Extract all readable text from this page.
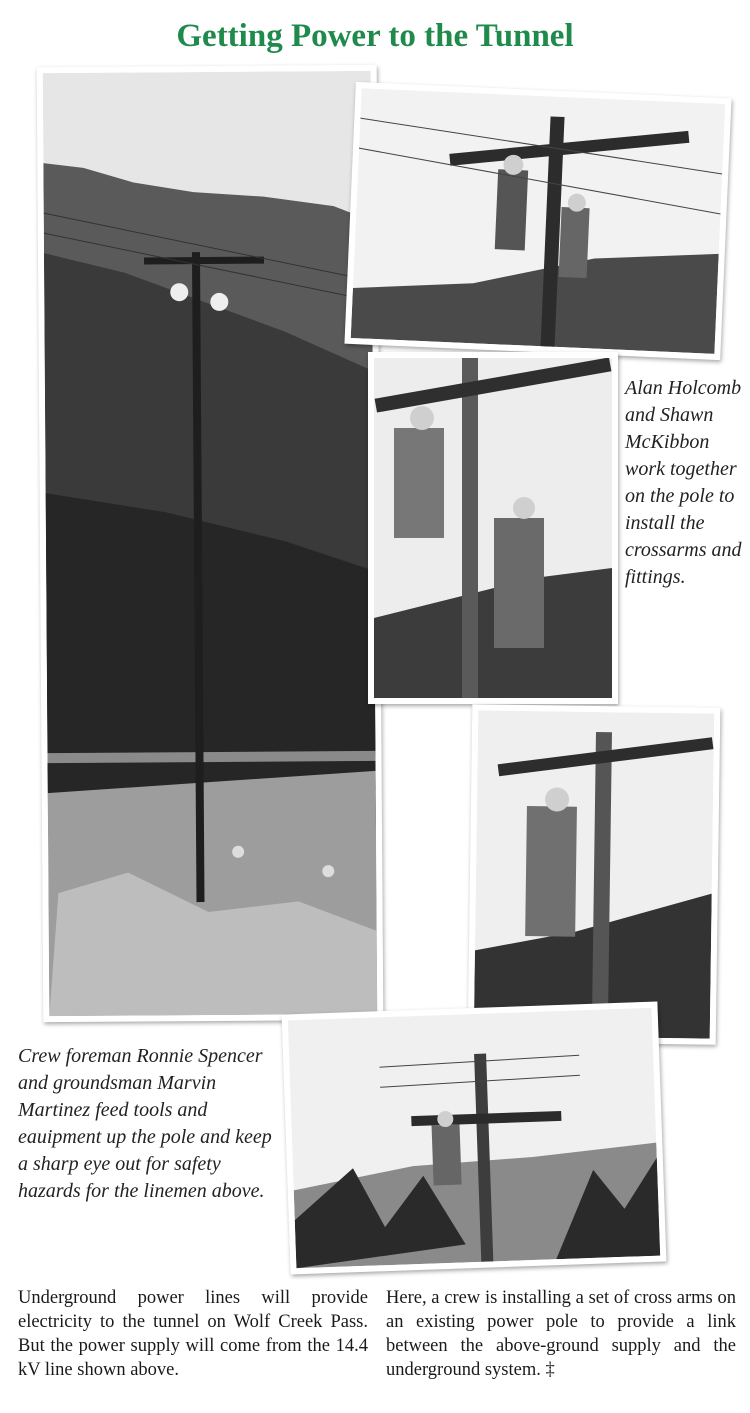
Getting Power to the Tunnel
Alan Holcomb and Shawn McKibbon work together on the pole to install the crossarms and fittings.
Crew foreman Ronnie Spencer and groundsman Marvin Martinez feed tools and eauipment up the pole and keep a sharp eye out for safety hazards for the linemen above.

Underground power lines will provide electricity to the tunnel on Wolf Creek Pass. But the power supply will come from the 14.4 kV line shown above.

Here, a crew is installing a set of cross arms on an existing power pole to provide a link between the above-ground supply and the underground system. ‡
